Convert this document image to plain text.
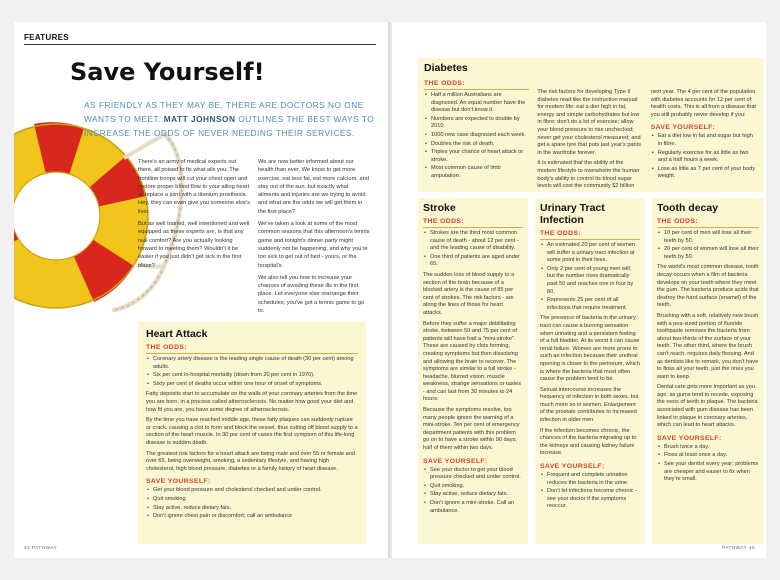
FEATURES
Save Yourself!
AS FRIENDLY AS THEY MAY BE, THERE ARE DOCTORS NO ONE WANTS TO MEET. MATT JOHNSON OUTLINES THE BEST WAYS TO INCREASE THE ODDS OF NEVER NEEDING THEIR SERVICES.

There's an army of medical experts out there, all poised to fix what ails you. The frontline troops will cut your chest open and restore proper blood flow to your ailing heart or replace a joint with a titanium prosthesis. Hey, they can even give you someone else's liver.

But as well trained, well intentioned and well equipped as these experts are, is that any real comfort? Are you actually looking forward to meeting them? Wouldn't it be easier if you just didn't get sick in the first place?

We are now better informed about our health than ever. We know to get more exercise, eat less fat, eat more calcium, and stay out of the sun, but exactly what ailments and injuries are we trying to avoid and what are the odds we will get them in the first place?

We've taken a look at some of the most common reasons that this afternoon's tennis game and tonight's dinner party might suddenly not be happening, and why you're too sick to get out of bed - yours, or the hospital's.

We also tell you how to increase your chances of avoiding these ills in the first place. Let everyone else rearrange their schedules; you've got a tennis game to go to.

Heart Attack
THE ODDS:
• Coronary artery disease is the leading single cause of death (30 per cent) among adults.
• Six per cent in-hospital mortality (down from 20 per cent in 1970).
• Sixty per cent of deaths occur within one hour of onset of symptoms.

Fatty deposits start to accumulate on the walls of your coronary arteries from the time you are born, in a process called atherosclerosis. No matter how good your diet and how fit you are, you have some degree of atherosclerosis.

By the time you have reached middle age, these fatty plaques can suddenly rupture or crack, causing a clot to form and block the vessel, thus cutting off blood supply to a section of the heart muscle. In 30 per cent of cases the first symptom of this life-long disease is sudden death.

The greatest risk factors for a heart attack are being male and over 55 or female and over 65, being overweight, smoking, a sedentary lifestyle, and having high cholesterol, high blood pressure, diabetes or a family history of heart disease.

SAVE YOURSELF:
• Get your blood pressure and cholesterol checked and under control.
• Quit smoking.
• Stay active, reduce dietary fats.
• Don't ignore chest pain or discomfort; call an ambulance
44 PATHWAY
Diabetes
THE ODDS:
• Half a million Australians are diagnosed. An equal number have the disease but don't know it.
• Numbers are expected to double by 2010.
• 1000 new case diagnosed each week.
• Doubles the risk of death.
• Triples your chance of heart attack or stroke.
• Most common cause of limb amputation.

The risk factors for developing Type II diabetes read like the instruction manual for modern life: eat a diet high in fat, energy and simple carbohydrates but low in fibre; don't do a lot of exercise; allow your blood pressure to rise unchecked; never get your cholesterol measured; and get a spare tyre that puts last year's pants in the wardrobe forever.

It is estimated that the ability of the modern lifestyle to overwhelm the human body's ability to control its blood sugar levels will cost the community $2 billion

next year. The 4 per cent of the population with diabetes accounts for 12 per cent of health costs. This is all from a disease that you still probably never develop if you:

SAVE YOURSELF:
• Eat a diet low in fat and sugar but high in fibre.
• Regularly exercise for as little as two and a half hours a week.
• Lose as little as 7 per cent of your body weight.
Stroke
THE ODDS:
• Strokes are the third most common cause of death - about 12 per cent - and the leading cause of disability.
• One third of patients are aged under 65.

The sudden loss of blood supply to a section of the brain because of a blocked artery is the cause of 85 per cent of strokes. The risk factors - are along the lines of those for heart attacks.

Before they suffer a major debilitating stroke, between 50 and 75 per cent of patients will have had a "mini-stroke". These are caused by clots forming, creating symptoms but then dissolving and allowing the brain to recover. The symptoms are similar to a full stroke - headache, blurred vision, muscle weakness, strange sensations or tastes - and can last from 30 minutes to 24 hours.

Because the symptoms resolve, too many people ignore the warning of a mini-stroke. Ten per cent of emergency department patients with this problem go on to have a stroke within 90 days, half of them within two days.

SAVE YOURSELF:
• See your doctor to get your blood pressure checked and under control.
• Quit smoking.
• Stay active, reduce dietary fats.
• Don't ignore a mini-stroke. Call an ambulance.
Urinary Tract Infection
THE ODDS:
• An estimated 20 per cent of women will suffer a urinary tract infection at some point in their lives.
• Only 2 per cent of young men will, but the number rises dramatically past 50 and reaches one in four by 80.
• Represents 25 per cent of all infections that require treatment.

The presence of bacteria in the urinary tract can cause a burning sensation when urinating and a persistent feeling of a full bladder. At its worst it can cause renal failure. Women are more prone to such an infection because their urethral opening is closer to the perineum, which is where the bacteria that most often cause the problem tend to be.

Sexual intercourse increases the frequency of infection in both sexes, but much more so in women. Enlargement of the prostate contributes to increased infection in older men.

If the infection becomes chronic, the chances of the bacteria migrating up to the kidneys and causing kidney failure increase.

SAVE YOURSELF:
• Frequent and complete urination reduces the bacteria in the urine.
• Don't let infections become chronic - see your doctor if the symptoms reoccur.
Tooth decay
THE ODDS:
• 10 per cent of men will lose all their teeth by 50.
• 20 per cent of women will lose all their teeth by 50.

The world's most common disease, tooth decay occurs when a film of bacteria develops on your teeth where they meet the gum. The bacteria produce acids that destroy the hard surface (enamel) of the teeth.

Brushing with a soft, relatively new brush with a pea-sized portion of fluoride toothpaste removes the bacteria from about two-thirds of the surface of your teeth. The other third, where the brush can't reach, requires daily flossing. And as dentists like to remark, you don't have to floss all your teeth, just the ones you want to keep.

Dental care gets more important as you age, as gums tend to recede, exposing the roots of teeth to plaque. The bacteria associated with gum disease has been linked to plaque in coronary arteries, which can lead to heart attacks.

SAVE YOURSELF:
• Brush twice a day.
• Floss at least once a day.
• See your dentist every year; problems are cheaper and easier to fix when they're small.
PATHWAY 45
